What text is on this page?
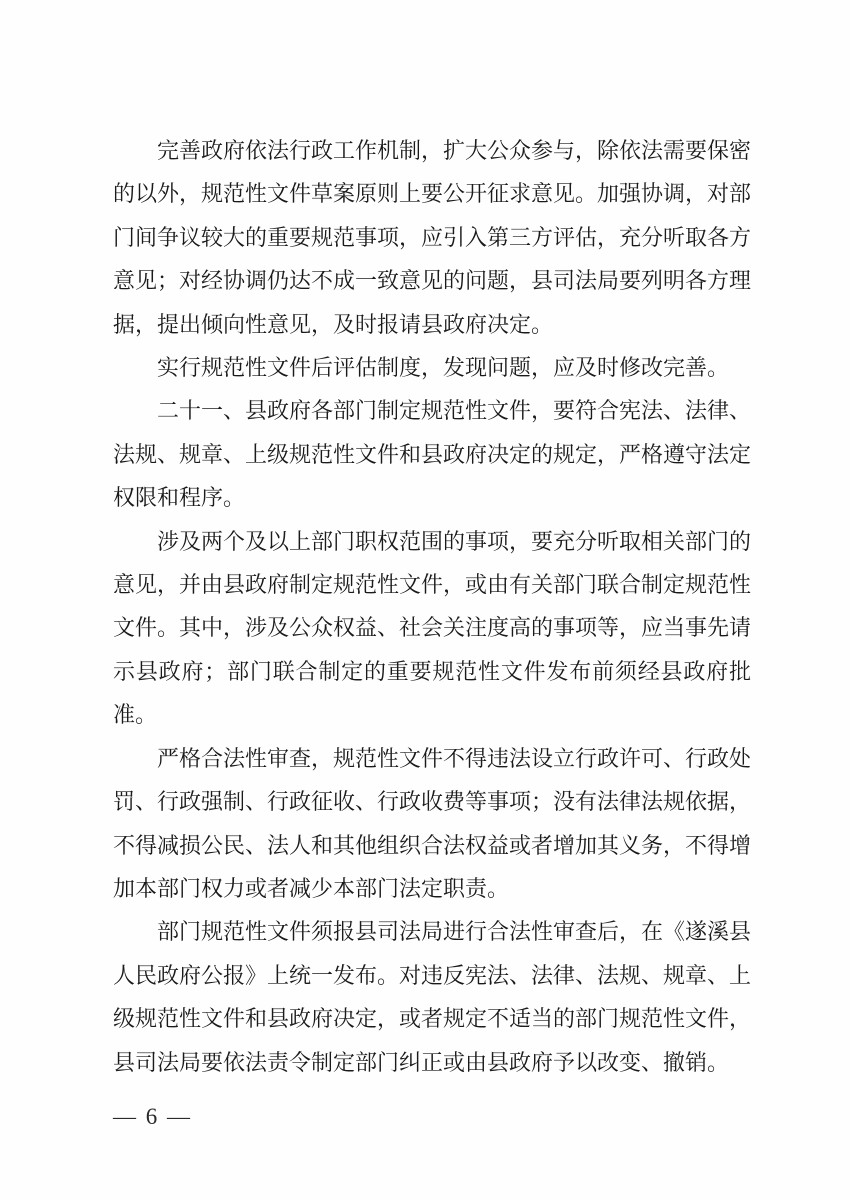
完善政府依法行政工作机制，扩大公众参与，除依法需要保密的以外，规范性文件草案原则上要公开征求意见。加强协调，对部门间争议较大的重要规范事项，应引入第三方评估，充分听取各方意见；对经协调仍达不成一致意见的问题，县司法局要列明各方理据，提出倾向性意见，及时报请县政府决定。

实行规范性文件后评估制度，发现问题，应及时修改完善。

二十一、县政府各部门制定规范性文件，要符合宪法、法律、法规、规章、上级规范性文件和县政府决定的规定，严格遵守法定权限和程序。

涉及两个及以上部门职权范围的事项，要充分听取相关部门的意见，并由县政府制定规范性文件，或由有关部门联合制定规范性文件。其中，涉及公众权益、社会关注度高的事项等，应当事先请示县政府；部门联合制定的重要规范性文件发布前须经县政府批准。

严格合法性审查，规范性文件不得违法设立行政许可、行政处罚、行政强制、行政征收、行政收费等事项；没有法律法规依据，不得减损公民、法人和其他组织合法权益或者增加其义务，不得增加本部门权力或者减少本部门法定职责。

部门规范性文件须报县司法局进行合法性审查后，在《遂溪县人民政府公报》上统一发布。对违反宪法、法律、法规、规章、上级规范性文件和县政府决定，或者规定不适当的部门规范性文件，县司法局要依法责令制定部门纠正或由县政府予以改变、撤销。

— 6 —
